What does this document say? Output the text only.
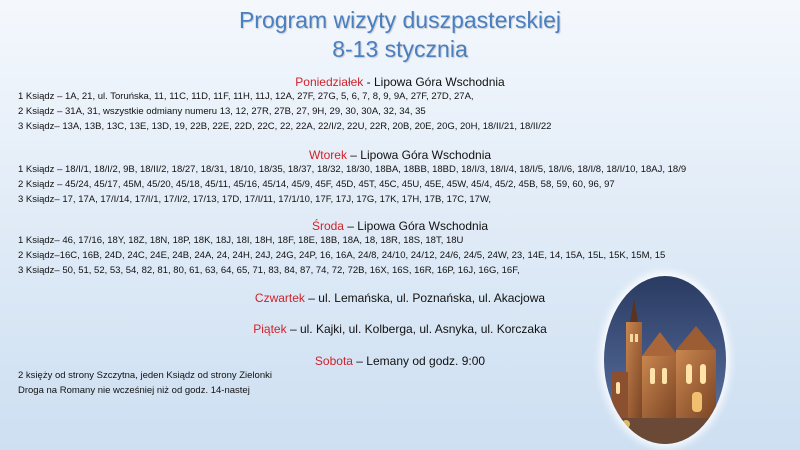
Program wizyty duszpasterskiej
8-13 stycznia
Poniedziałek - Lipowa Góra Wschodnia
1 Ksiądz – 1A, 21, ul. Toruńska, 11, 11C, 11D, 11F, 11H, 11J, 12A, 27F, 27G, 5, 6, 7, 8, 9, 9A, 27F, 27D, 27A,
2 Ksiądz – 31A, 31, wszystkie odmiany numeru 13, 12, 27R, 27B, 27, 9H, 29, 30, 30A, 32, 34, 35
3 Ksiądz– 13A, 13B, 13C, 13E, 13D, 19, 22B, 22E, 22D, 22C, 22, 22A, 22/I/2, 22U, 22R, 20B, 20E, 20G, 20H, 18/II/21, 18/II/22
Wtorek – Lipowa Góra Wschodnia
1 Ksiądz – 18/I/1, 18/I/2, 9B, 18/II/2, 18/27, 18/31, 18/10, 18/35, 18/37, 18/32, 18/30, 18BA, 18BB, 18BD, 18/I/3, 18/I/4, 18/I/5, 18/I/6, 18/I/8, 18/I/10, 18AJ, 18/9
2 Ksiądz – 45/24, 45/17, 45M, 45/20, 45/18, 45/11, 45/16, 45/14, 45/9, 45F, 45D, 45T, 45C, 45U, 45E, 45W, 45/4, 45/2, 45B, 58, 59, 60, 96, 97
3 Ksiądz– 17, 17A, 17/I/14, 17/I/1, 17/I/2, 17/13, 17D, 17/I/11, 17/1/10, 17F, 17J, 17G, 17K, 17H, 17B, 17C, 17W,
Środa – Lipowa Góra Wschodnia
1 Ksiądz– 46, 17/16, 18Y, 18Z, 18N, 18P, 18K, 18J, 18I, 18H, 18F, 18E, 18B, 18A, 18, 18R, 18S, 18T, 18U
2 Ksiądz–16C, 16B, 24D, 24C, 24E, 24B, 24A, 24, 24H, 24J, 24G, 24P, 16, 16A, 24/8, 24/10, 24/12, 24/6, 24/5, 24W, 23, 14E, 14, 15A, 15L, 15K, 15M, 15
3 Ksiądz– 50, 51, 52, 53, 54, 82, 81, 80, 61, 63, 64, 65, 71, 83, 84, 87, 74, 72, 72B, 16X, 16S, 16R, 16P, 16J, 16G, 16F,
Czwartek – ul. Lemańska, ul. Poznańska, ul. Akacjowa
Piątek – ul. Kajki, ul. Kolberga, ul. Asnyka, ul. Korczaka
Sobota – Lemany od godz. 9:00
2 księży od strony Szczytna, jeden Ksiądz od strony Zielonki
Droga na Romany nie wcześniej niż od godz. 14-nastej
